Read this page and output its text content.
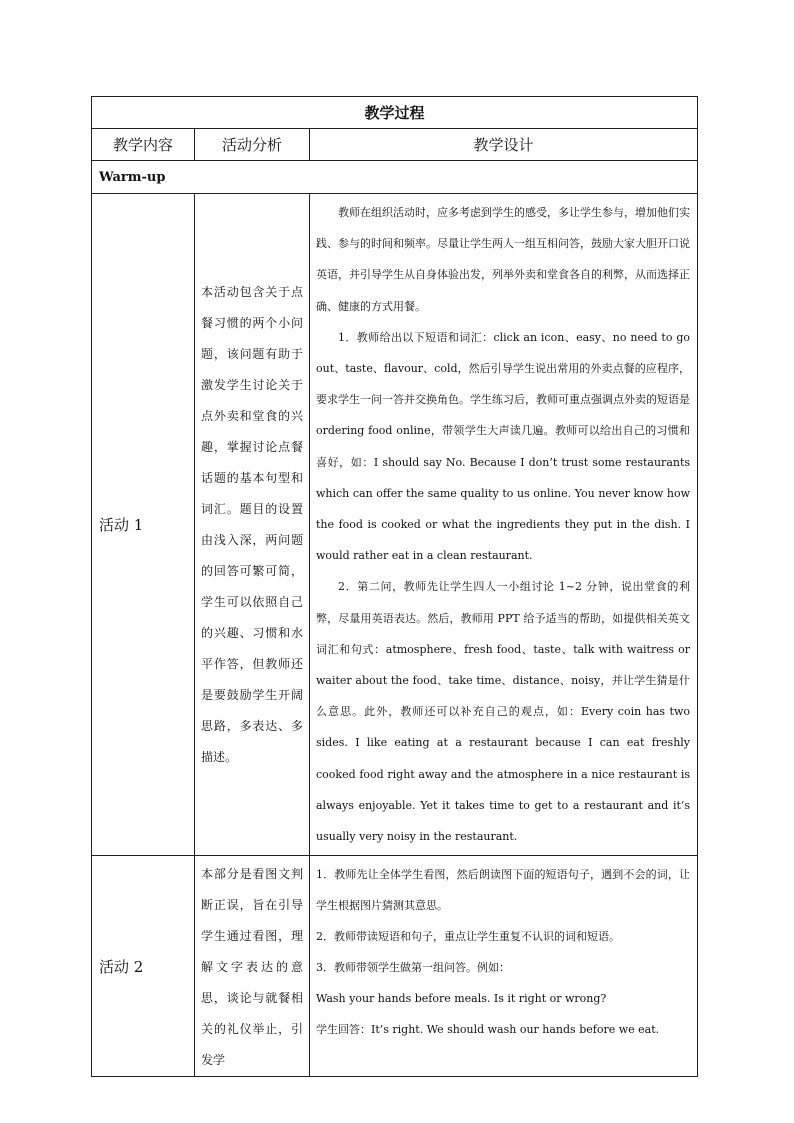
教学过程		
教学内容	活动分析	教学设计
Warm-up		
活动 1	本活动包含关于点餐习惯的两个小问题，该问题有助于激发学生讨论关于点外卖和堂食的兴趣，掌握讨论点餐话题的基本句型和词汇。题目的设置由浅入深，两问题的回答可繁可简，学生可以依照自己的兴趣、习惯和水平作答，但教师还是要鼓励学生开阔思路，多表达、多描述。	教师在组织活动时，应多考虑到学生的感受，多让学生参与，增加他们实践、参与的时间和频率。尽量让学生两人一组互相问答，鼓励大家大胆开口说英语，并引导学生从自身体验出发，列举外卖和堂食各自的利弊，从而选择正确、健康的方式用餐。

1．教师给出以下短语和词汇：click an icon、easy、no need to go out、taste、flavour、cold，然后引导学生说出常用的外卖点餐的应程序，要求学生一问一答并交换角色。学生练习后，教师可重点强调点外卖的短语是 ordering food online，带领学生大声读几遍。教师可以给出自己的习惯和喜好，如：I should say No. Because I don’t trust some restaurants which can offer the same quality to us online. You never know how the food is cooked or what the ingredients they put in the dish. I would rather eat in a clean restaurant.

2．第二问，教师先让学生四人一小组讨论 1~2 分钟，说出堂食的利弊，尽量用英语表达。然后，教师用 PPT 给予适当的帮助，如提供相关英文词汇和句式：atmosphere、fresh food、taste、talk with waitress or waiter about the food、take time、distance、noisy，并让学生猜是什么意思。此外，教师还可以补充自己的观点，如：Every coin has two sides. I like eating at a restaurant because I can eat freshly cooked food right away and the atmosphere in a nice restaurant is always enjoyable. Yet it takes time to get to a restaurant and it’s usually very noisy in the restaurant.

活动 2	本部分是看图文判断正误，旨在引导学生通过看图，理解文字表达的意思，谈论与就餐相关的礼仪举止，引发学	1．教师先让全体学生看图，然后朗读图下面的短语句子，遇到不会的词，让学生根据图片猜测其意思。

2．教师带读短语和句子，重点让学生重复不认识的词和短语。

3．教师带领学生做第一组问答。例如：

Wash your hands before meals. Is it right or wrong?

学生回答：It’s right. We should wash our hands before we eat.
